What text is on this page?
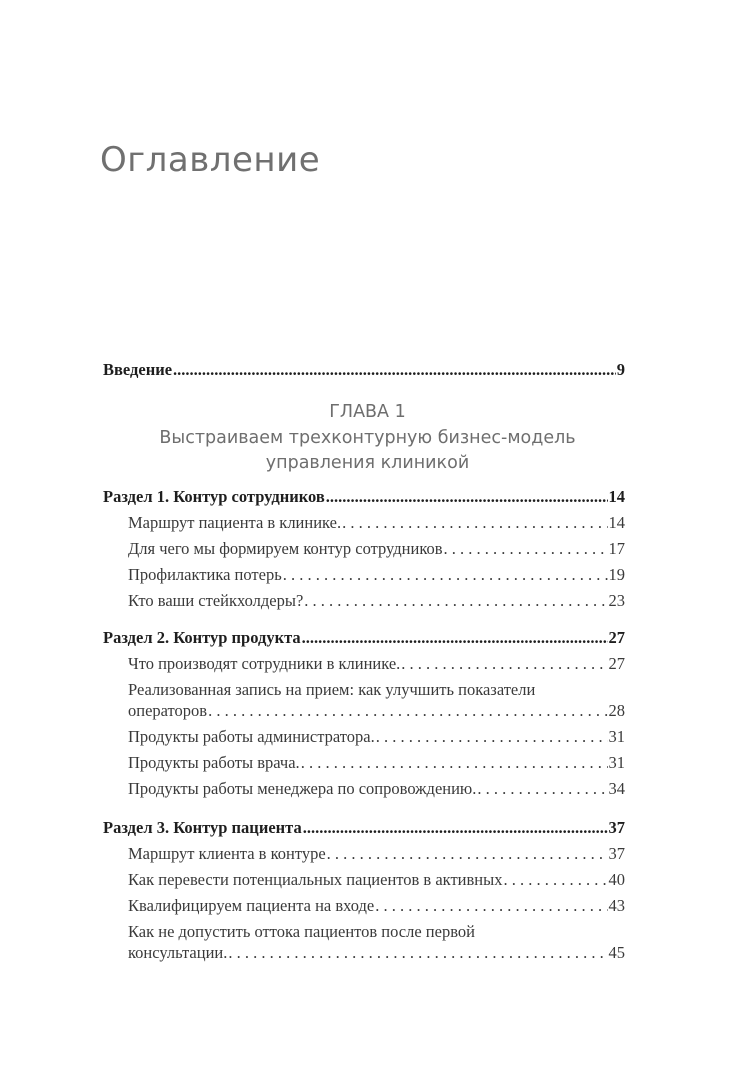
Оглавление
Введение .....	9
ГЛАВА 1
Выстраиваем трехконтурную бизнес-модель
управления клиникой
Раздел 1. Контур сотрудников .....	14
Маршрут пациента в клинике. . . .	14
Для чего мы формируем контур сотрудников . . .	17
Профилактика потерь . . .	19
Кто ваши стейкхолдеры? . . .	23
Раздел 2. Контур продукта .....	27
Что производят сотрудники в клинике. . . .	27
Реализованная запись на прием: как улучшить показатели
операторов . . .	28
Продукты работы администратора. . . .	31
Продукты работы врача. . . .	31
Продукты работы менеджера по сопровождению. . . .	34
Раздел 3. Контур пациента .....	37
Маршрут клиента в контуре . . .	37
Как перевести потенциальных пациентов в активных . . .	40
Квалифицируем пациента на входе . . .	43
Как не допустить оттока пациентов после первой
консультации. . . .	45
